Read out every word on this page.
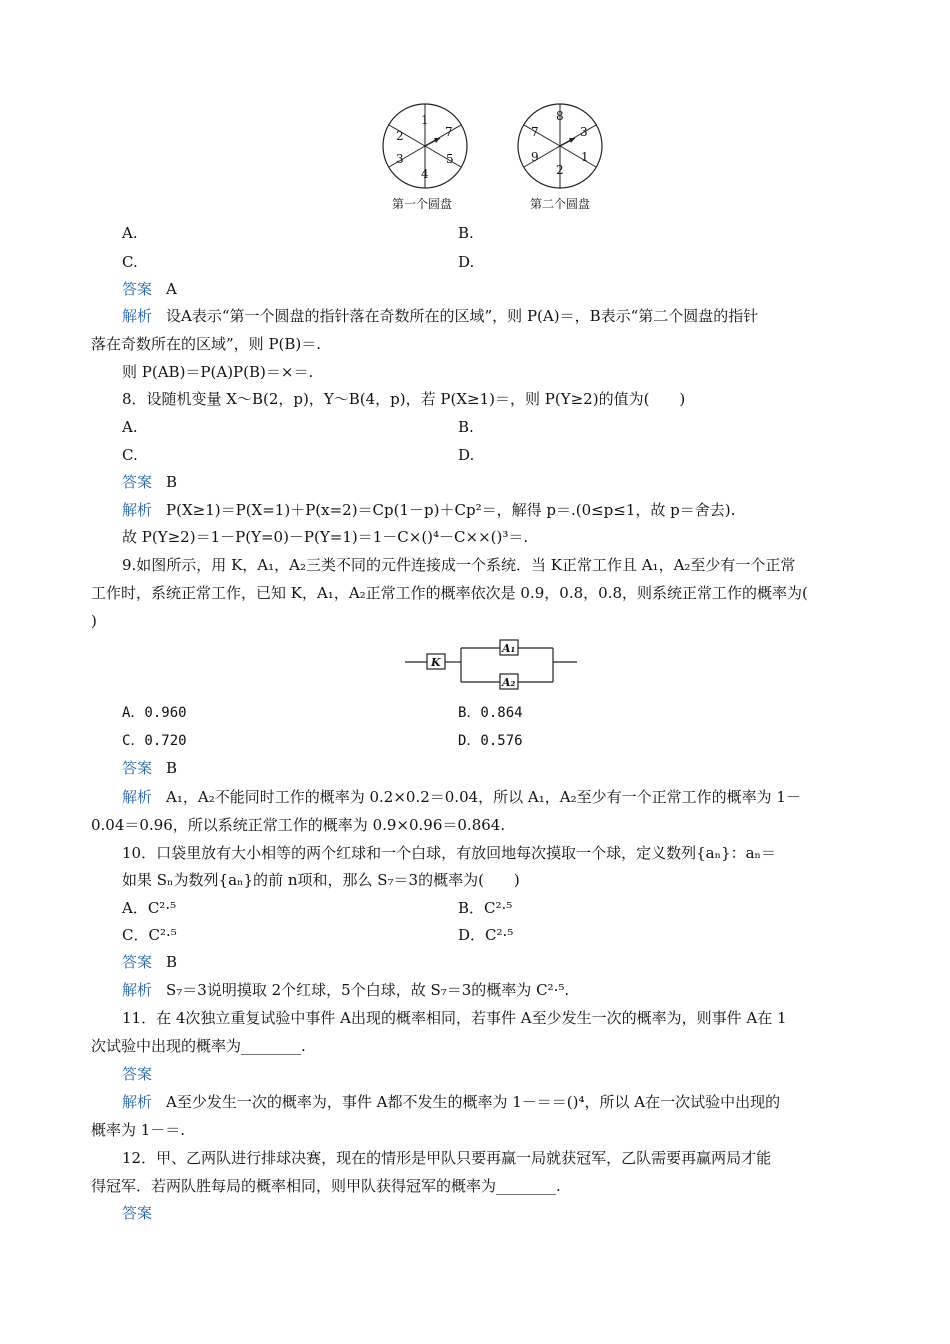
1
7
5
4
3
2
第一个圆盘
8
3
1
2
9
7
第二个圆盘
A.	B.
C.	D.
答案 A
解析 设A表示“第一个圆盘的指针落在奇数所在的区域”，则 P(A)＝，B表示“第二个圆盘的指针
落在奇数所在的区域”，则 P(B)＝.
则 P(AB)＝P(A)P(B)＝×＝.
8．设随机变量 X～B(2，p)，Y～B(4，p)，若 P(X≥1)＝，则 P(Y≥2)的值为(　　)
A.	B.
C.	D.
答案 B
解析 P(X≥1)＝P(X=1)＋P(x=2)＝Cp(1－p)＋Cp²＝，解得 p＝.(0≤p≤1，故 p＝舍去).
故 P(Y≥2)＝1－P(Y=0)－P(Y=1)＝1－C×()⁴－C××()³＝.
9.如图所示，用 K，A₁，A₂三类不同的元件连接成一个系统．当 K正常工作且 A₁，A₂至少有一个正常
工作时，系统正常工作，已知 K，A₁，A₂正常工作的概率依次是 0.9，0.8，0.8，则系统正常工作的概率为(
)
K
A₁
A₂
A．0.960	B．0.864
C．0.720	D．0.576
答案 B
解析 A₁，A₂不能同时工作的概率为 0.2×0.2＝0.04，所以 A₁，A₂至少有一个正常工作的概率为 1－
0.04＝0.96，所以系统正常工作的概率为 0.9×0.96＝0.864.
10．口袋里放有大小相等的两个红球和一个白球，有放回地每次摸取一个球，定义数列{aₙ}：aₙ＝
如果 Sₙ为数列{aₙ}的前 n项和，那么 S₇＝3的概率为(　　)
A．C²·⁵	B．C²·⁵
C．C²·⁵	D．C²·⁵
答案 B
解析 S₇＝3说明摸取 2个红球，5个白球，故 S₇＝3的概率为 C²·⁵.
11．在 4次独立重复试验中事件 A出现的概率相同，若事件 A至少发生一次的概率为，则事件 A在 1
次试验中出现的概率为________.
答案
解析 A至少发生一次的概率为，事件 A都不发生的概率为 1－＝＝()⁴，所以 A在一次试验中出现的
概率为 1－＝.
12．甲、乙两队进行排球决赛，现在的情形是甲队只要再赢一局就获冠军，乙队需要再赢两局才能
得冠军．若两队胜每局的概率相同，则甲队获得冠军的概率为________.
答案
